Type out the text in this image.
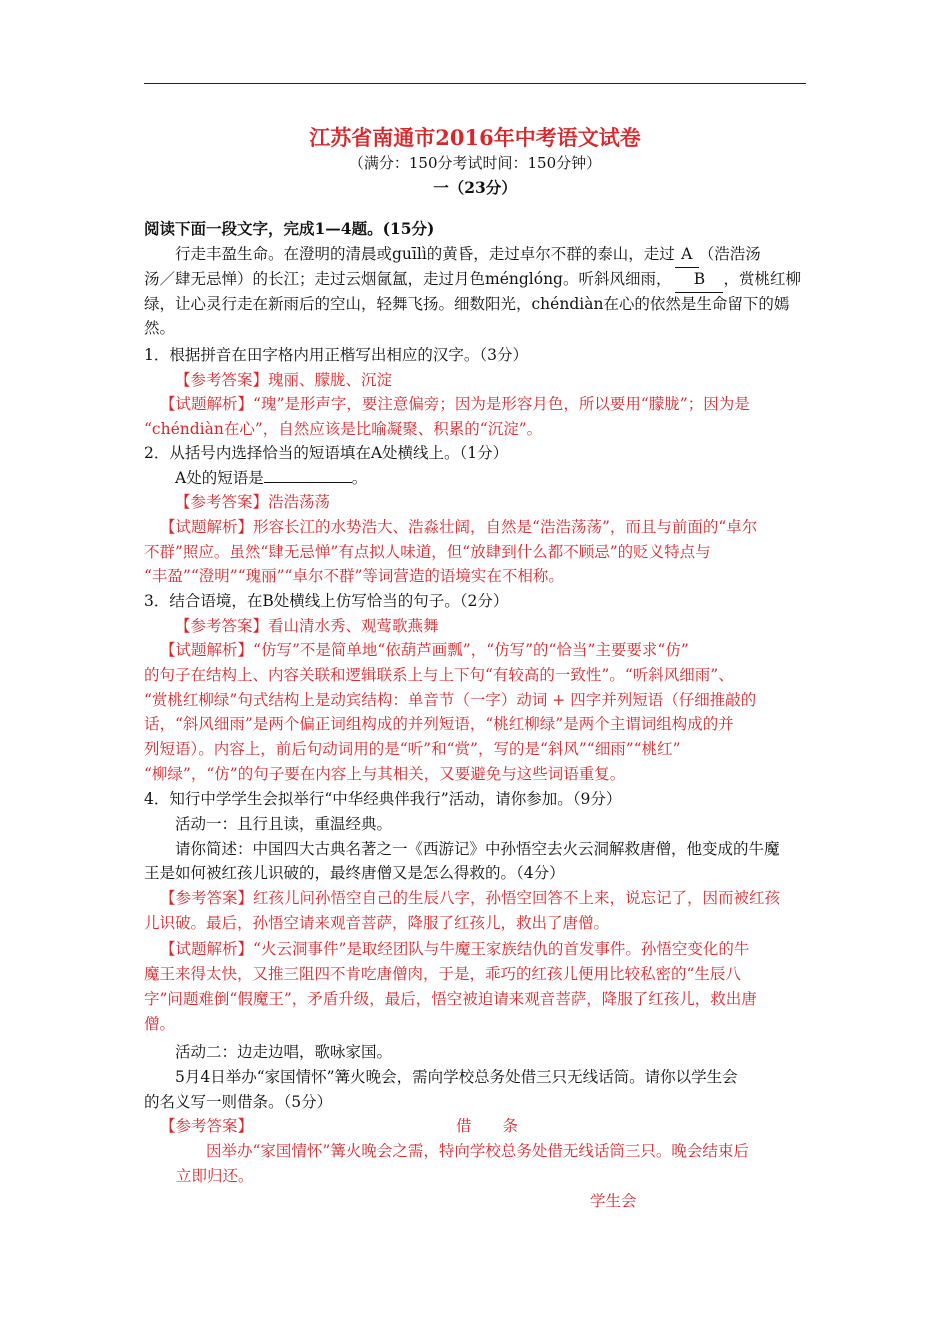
江苏省南通市2016年中考语文试卷
（满分：150分考试时间：150分钟）
一（23分）
阅读下面一段文字，完成1—4题。(15分)
行走丰盈生命。在澄明的清晨或guīlì的黄昏，走过卓尔不群的泰山，走过 A （浩浩汤
汤／肆无忌惮）的长江；走过云烟氤氲，走过月色ménglóng。听斜风细雨， B ，赏桃红柳
绿，让心灵行走在新雨后的空山，轻舞飞扬。细数阳光，chéndiàn在心的依然是生命留下的嫣
然。
1．根据拼音在田字格内用正楷写出相应的汉字。（3分）
【参考答案】瑰丽、朦胧、沉淀
【试题解析】“瑰”是形声字，要注意偏旁；因为是形容月色，所以要用“朦胧”；因为是
“chéndiàn在心”，自然应该是比喻凝聚、积累的“沉淀”。
2．从括号内选择恰当的短语填在A处横线上。（1分）
A处的短语是	。
【参考答案】浩浩荡荡
【试题解析】形容长江的水势浩大、浩淼壮阔，自然是“浩浩荡荡”，而且与前面的“卓尔
不群”照应。虽然“肆无忌惮”有点拟人味道，但“放肆到什么都不顾忌”的贬义特点与
“丰盈”“澄明”“瑰丽”“卓尔不群”等词营造的语境实在不相称。
3．结合语境，在B处横线上仿写恰当的句子。（2分）
【参考答案】看山清水秀、观莺歌燕舞
【试题解析】“仿写”不是简单地“依葫芦画瓢”，“仿写”的“恰当”主要要求“仿”
的句子在结构上、内容关联和逻辑联系上与上下句“有较高的一致性”。“听斜风细雨”、
“赏桃红柳绿”句式结构上是动宾结构：单音节（一字）动词 + 四字并列短语（仔细推敲的
话，“斜风细雨”是两个偏正词组构成的并列短语，“桃红柳绿”是两个主谓词组构成的并
列短语）。内容上，前后句动词用的是“听”和“赏”，写的是“斜风”“细雨”“桃红”
“柳绿”，“仿”的句子要在内容上与其相关，又要避免与这些词语重复。
4．知行中学学生会拟举行“中华经典伴我行”活动，请你参加。（9分）
活动一：且行且读，重温经典。
请你简述：中国四大古典名著之一《西游记》中孙悟空去火云洞解救唐僧，他变成的牛魔
王是如何被红孩儿识破的，最终唐僧又是怎么得救的。（4分）
【参考答案】红孩儿问孙悟空自己的生辰八字，孙悟空回答不上来，说忘记了，因而被红孩
儿识破。最后，孙悟空请来观音菩萨，降服了红孩儿，救出了唐僧。
【试题解析】“火云洞事件”是取经团队与牛魔王家族结仇的首发事件。孙悟空变化的牛
魔王来得太快，又推三阻四不肯吃唐僧肉，于是，乖巧的红孩儿便用比较私密的“生辰八
字”问题难倒“假魔王”，矛盾升级，最后，悟空被迫请来观音菩萨，降服了红孩儿，救出唐
僧。
活动二：边走边唱，歌咏家国。
5月4日举办“家国情怀”篝火晚会，需向学校总务处借三只无线话筒。请你以学生会
的名义写一则借条。（5分）
【参考答案】	借　　条
因举办“家国情怀”篝火晚会之需，特向学校总务处借无线话筒三只。晚会结束后
立即归还。
学生会
